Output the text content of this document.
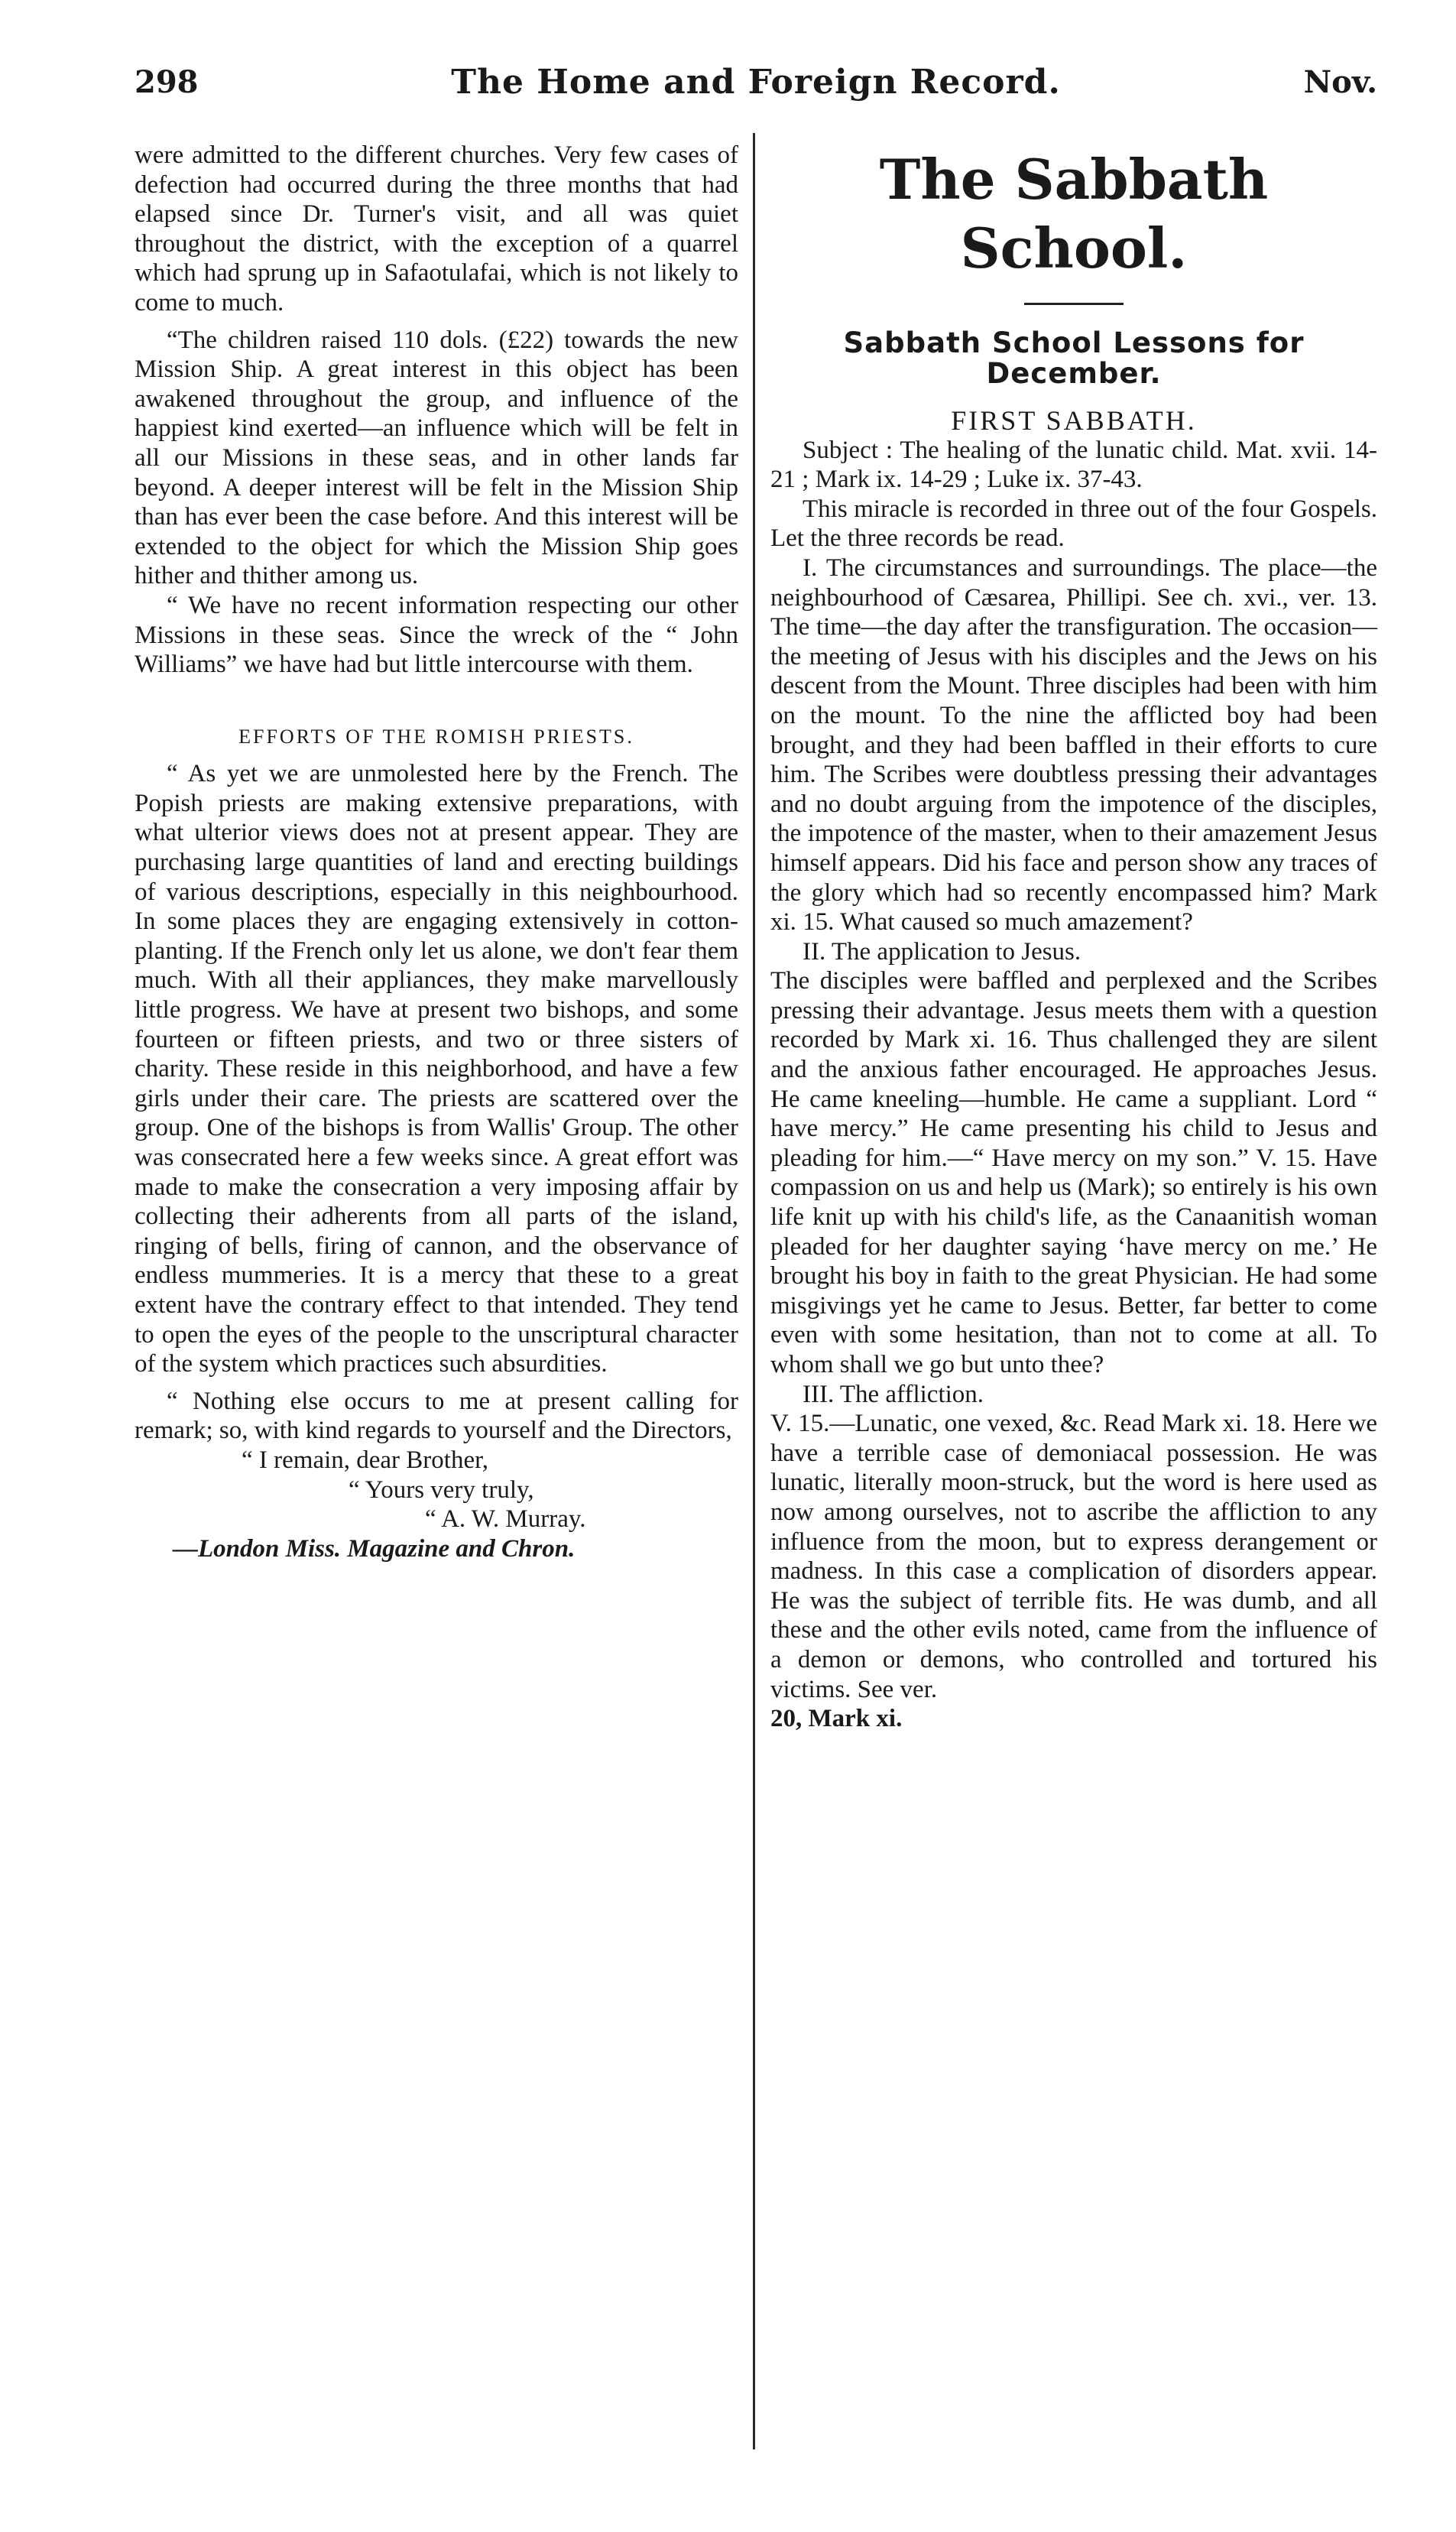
298	The Home and Foreign Record.	Nov.

were admitted to the different churches. Very few cases of defection had occurred during the three months that had elapsed since Dr. Turner's visit, and all was quiet throughout the district, with the exception of a quarrel which had sprung up in Safaotulafai, which is not likely to come to much.

“The children raised 110 dols. (£22) towards the new Mission Ship. A great interest in this object has been awakened throughout the group, and influence of the happiest kind exerted—an influence which will be felt in all our Missions in these seas, and in other lands far beyond. A deeper interest will be felt in the Mission Ship than has ever been the case before. And this interest will be extended to the object for which the Mission Ship goes hither and thither among us.

“ We have no recent information respecting our other Missions in these seas. Since the wreck of the “ John Williams” we have had but little intercourse with them.

EFFORTS OF THE ROMISH PRIESTS.

“ As yet we are unmolested here by the French. The Popish priests are making extensive preparations, with what ulterior views does not at present appear. They are purchasing large quantities of land and erecting buildings of various descriptions, especially in this neighbourhood. In some places they are engaging extensively in cotton-planting. If the French only let us alone, we don't fear them much. With all their appliances, they make marvellously little progress. We have at present two bishops, and some fourteen or fifteen priests, and two or three sisters of charity. These reside in this neighborhood, and have a few girls under their care. The priests are scattered over the group. One of the bishops is from Wallis' Group. The other was consecrated here a few weeks since. A great effort was made to make the consecration a very imposing affair by collecting their adherents from all parts of the island, ringing of bells, firing of cannon, and the observance of endless mummeries. It is a mercy that these to a great extent have the contrary effect to that intended. They tend to open the eyes of the people to the unscriptural character of the system which practices such absurdities.

“ Nothing else occurs to me at present calling for remark; so, with kind regards to yourself and the Directors,

“ I remain, dear Brother,

“ Yours very truly,

“ A. W. Murray.

—London Miss. Magazine and Chron.

The Sabbath School.

Sabbath School Lessons for December.

FIRST SABBATH.

Subject : The healing of the lunatic child. Mat. xvii. 14-21 ; Mark ix. 14-29 ; Luke ix. 37-43.

This miracle is recorded in three out of the four Gospels. Let the three records be read.

I. The circumstances and surroundings. The place—the neighbourhood of Cæsarea, Phillipi. See ch. xvi., ver. 13. The time—the day after the transfiguration. The occasion—the meeting of Jesus with his disciples and the Jews on his descent from the Mount. Three disciples had been with him on the mount. To the nine the afflicted boy had been brought, and they had been baffled in their efforts to cure him. The Scribes were doubtless pressing their advantages and no doubt arguing from the impotence of the disciples, the impotence of the master, when to their amazement Jesus himself appears. Did his face and person show any traces of the glory which had so recently encompassed him? Mark xi. 15. What caused so much amazement?

II. The application to Jesus.

The disciples were baffled and perplexed and the Scribes pressing their advantage. Jesus meets them with a question recorded by Mark xi. 16. Thus challenged they are silent and the anxious father encouraged. He approaches Jesus. He came kneeling—humble. He came a suppliant. Lord “ have mercy.” He came presenting his child to Jesus and pleading for him.—“ Have mercy on my son.” V. 15. Have compassion on us and help us (Mark); so entirely is his own life knit up with his child's life, as the Canaanitish woman pleaded for her daughter saying ‘have mercy on me.’ He brought his boy in faith to the great Physician. He had some misgivings yet he came to Jesus. Better, far better to come even with some hesitation, than not to come at all. To whom shall we go but unto thee?

III. The affliction.

V. 15.—Lunatic, one vexed, &c. Read Mark xi. 18. Here we have a terrible case of demoniacal possession. He was lunatic, literally moon-struck, but the word is here used as now among ourselves, not to ascribe the affliction to any influence from the moon, but to express derangement or madness. In this case a complication of disorders appear. He was the subject of terrible fits. He was dumb, and all these and the other evils noted, came from the influence of a demon or demons, who controlled and tortured his victims. See ver.

20, Mark xi.
